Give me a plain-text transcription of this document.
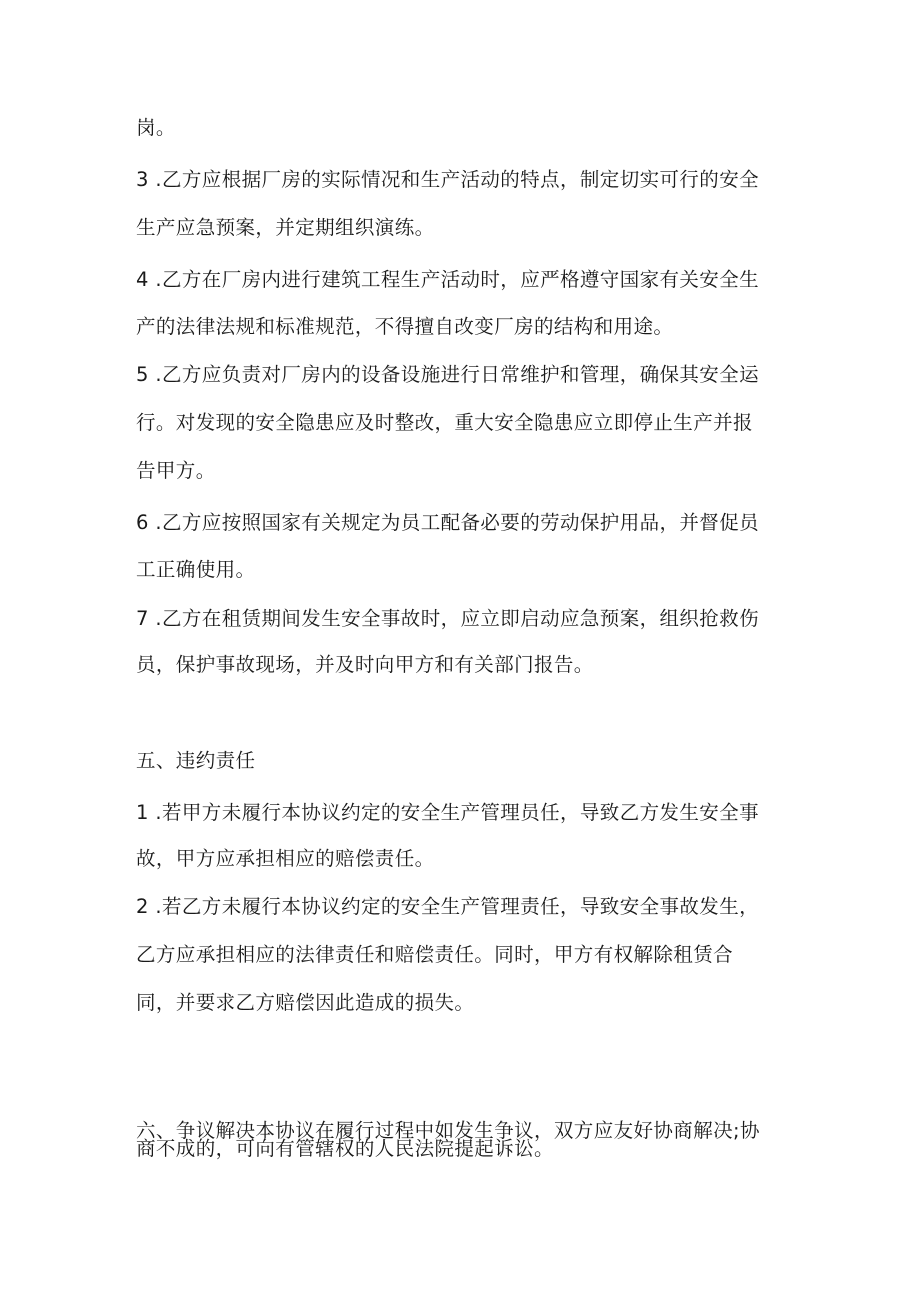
岗。
3 .乙方应根据厂房的实际情况和生产活动的特点，制定切实可行的安全
生产应急预案，并定期组织演练。
4 .乙方在厂房内进行建筑工程生产活动时，应严格遵守国家有关安全生
产的法律法规和标准规范，不得擅自改变厂房的结构和用途。
5 .乙方应负责对厂房内的设备设施进行日常维护和管理，确保其安全运
行。对发现的安全隐患应及时整改，重大安全隐患应立即停止生产并报
告甲方。
6 .乙方应按照国家有关规定为员工配备必要的劳动保护用品，并督促员
工正确使用。
7 .乙方在租赁期间发生安全事故时，应立即启动应急预案，组织抢救伤
员，保护事故现场，并及时向甲方和有关部门报告。
五、违约责任
1 .若甲方未履行本协议约定的安全生产管理员任，导致乙方发生安全事
故，甲方应承担相应的赔偿责任。
2 .若乙方未履行本协议约定的安全生产管理责任，导致安全事故发生，
乙方应承担相应的法律责任和赔偿责任。同时，甲方有权解除租赁合
同，并要求乙方赔偿因此造成的损失。
六、争议解决本协议在履行过程中如发生争议，双方应友好协商解决;协
商不成的，可向有管辖权的人民法院提起诉讼。
